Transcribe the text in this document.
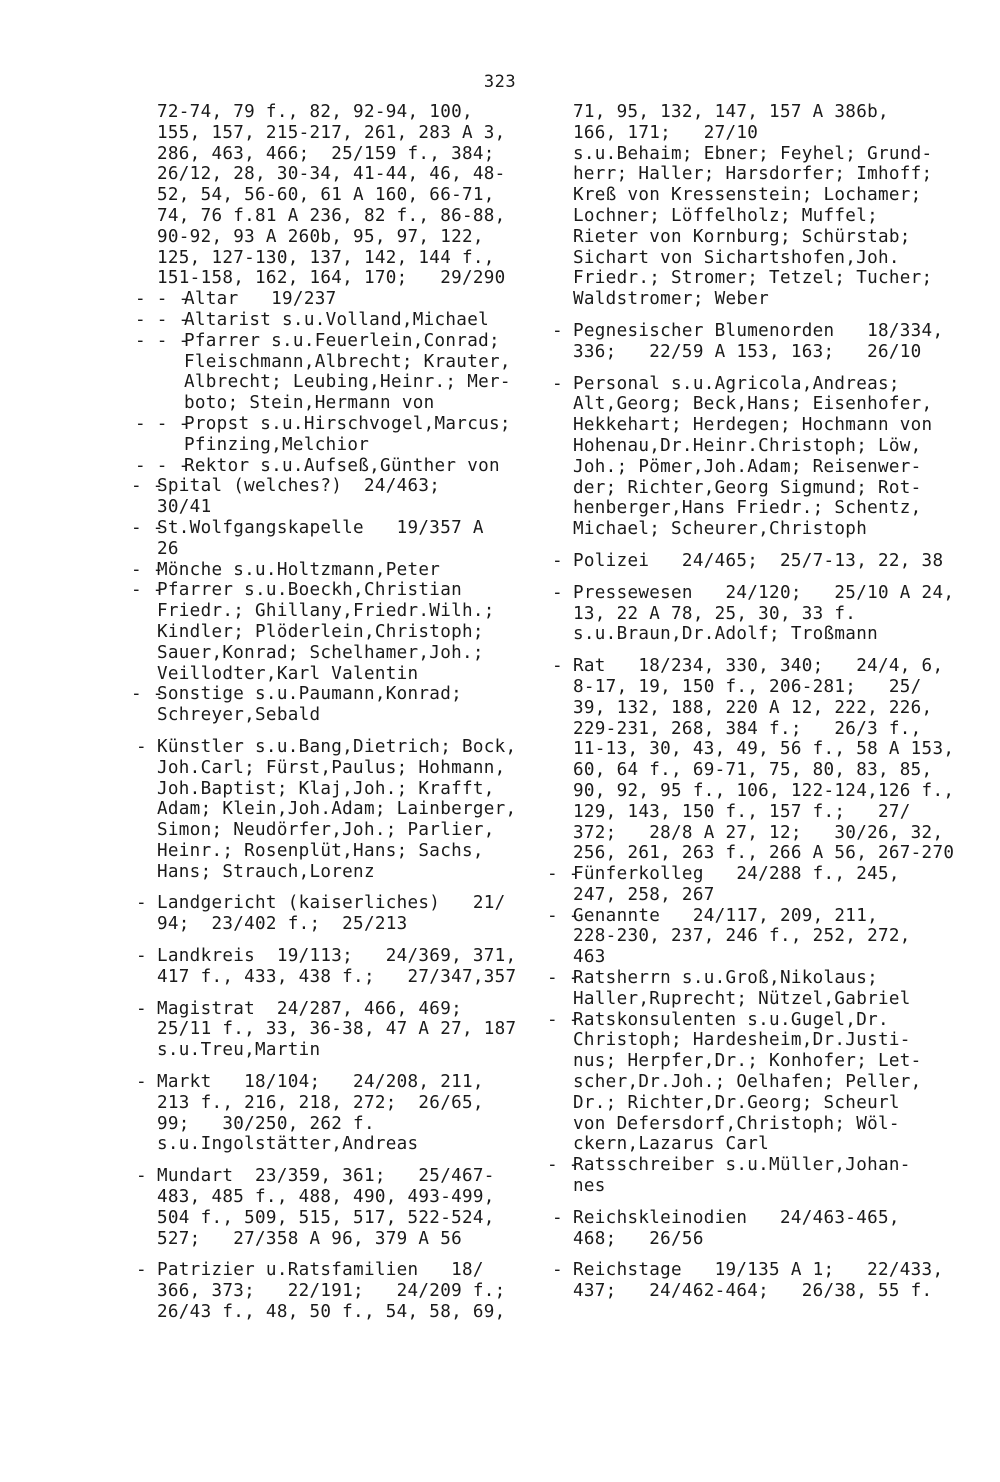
323
72-74, 79 f., 82, 92-94, 100,
155, 157, 215-217, 261, 283 A 3,
286, 463, 466;  25/159 f., 384;
26/12, 28, 30-34, 41-44, 46, 48-
52, 54, 56-60, 61 A 160, 66-71,
74, 76 f.81 A 236, 82 f., 86-88,
90-92, 93 A 260b, 95, 97, 122,
125, 127-130, 137, 142, 144 f.,
151-158, 162, 164, 170;   29/290
- - -
Altar   19/237
- - -
Altarist s.u.Volland,Michael
- - -
Pfarrer s.u.Feuerlein,Conrad;
Fleischmann,Albrecht; Krauter,
Albrecht; Leubing,Heinr.; Mer-
boto; Stein,Hermann von
- - -
Propst s.u.Hirschvogel,Marcus;
Pfinzing,Melchior
- - -
Rektor s.u.Aufseß,Günther von
- -
Spital (welches?)  24/463;
30/41
- -
St.Wolfgangskapelle   19/357 A
26
- -
Mönche s.u.Holtzmann,Peter
- -
Pfarrer s.u.Boeckh,Christian
Friedr.; Ghillany,Friedr.Wilh.;
Kindler; Plöderlein,Christoph;
Sauer,Konrad; Schelhamer,Joh.;
Veillodter,Karl Valentin
- -
Sonstige s.u.Paumann,Konrad;
Schreyer,Sebald
- Künstler s.u.Bang,Dietrich; Bock,
Joh.Carl; Fürst,Paulus; Hohmann,
Joh.Baptist; Klaj,Joh.; Krafft,
Adam; Klein,Joh.Adam; Lainberger,
Simon; Neudörfer,Joh.; Parlier,
Heinr.; Rosenplüt,Hans; Sachs,
Hans; Strauch,Lorenz
- Landgericht (kaiserliches)   21/
94;  23/402 f.;  25/213
- Landkreis  19/113;   24/369, 371,
417 f., 433, 438 f.;   27/347,357
- Magistrat  24/287, 466, 469;
25/11 f., 33, 36-38, 47 A 27, 187
s.u.Treu,Martin
- Markt   18/104;   24/208, 211,
213 f., 216, 218, 272;  26/65,
99;   30/250, 262 f.
s.u.Ingolstätter,Andreas
- Mundart  23/359, 361;   25/467-
483, 485 f., 488, 490, 493-499,
504 f., 509, 515, 517, 522-524,
527;   27/358 A 96, 379 A 56
- Patrizier u.Ratsfamilien   18/
366, 373;   22/191;   24/209 f.;
26/43 f., 48, 50 f., 54, 58, 69,
71, 95, 132, 147, 157 A 386b,
166, 171;   27/10
s.u.Behaim; Ebner; Feyhel; Grund-
herr; Haller; Harsdorfer; Imhoff;
Kreß von Kressenstein; Lochamer;
Lochner; Löffelholz; Muffel;
Rieter von Kornburg; Schürstab;
Sichart von Sichartshofen,Joh.
Friedr.; Stromer; Tetzel; Tucher;
Waldstromer; Weber
- Pegnesischer Blumenorden   18/334,
336;   22/59 A 153, 163;   26/10
- Personal s.u.Agricola,Andreas;
Alt,Georg; Beck,Hans; Eisenhofer,
Hekkehart; Herdegen; Hochmann von
Hohenau,Dr.Heinr.Christoph; Löw,
Joh.; Pömer,Joh.Adam; Reisenwer-
der; Richter,Georg Sigmund; Rot-
henberger,Hans Friedr.; Schentz,
Michael; Scheurer,Christoph
- Polizei   24/465;  25/7-13, 22, 38
- Pressewesen   24/120;   25/10 A 24,
13, 22 A 78, 25, 30, 33 f.
s.u.Braun,Dr.Adolf; Troßmann
- Rat   18/234, 330, 340;   24/4, 6,
8-17, 19, 150 f., 206-281;   25/
39, 132, 188, 220 A 12, 222, 226,
229-231, 268, 384 f.;   26/3 f.,
11-13, 30, 43, 49, 56 f., 58 A 153,
60, 64 f., 69-71, 75, 80, 83, 85,
90, 92, 95 f., 106, 122-124,126 f.,
129, 143, 150 f., 157 f.;   27/
372;   28/8 A 27, 12;   30/26, 32,
256, 261, 263 f., 266 A 56, 267-270
- -
Fünferkolleg   24/288 f., 245,
247, 258, 267
- -
Genannte   24/117, 209, 211,
228-230, 237, 246 f., 252, 272,
463
- -
Ratsherrn s.u.Groß,Nikolaus;
Haller,Ruprecht; Nützel,Gabriel
- -
Ratskonsulenten s.u.Gugel,Dr.
Christoph; Hardesheim,Dr.Justi-
nus; Herpfer,Dr.; Konhofer; Let-
scher,Dr.Joh.; Oelhafen; Peller,
Dr.; Richter,Dr.Georg; Scheurl
von Defersdorf,Christoph; Wöl-
ckern,Lazarus Carl
- -
Ratsschreiber s.u.Müller,Johan-
nes
- Reichskleinodien   24/463-465,
468;   26/56
- Reichstage   19/135 A 1;   22/433,
437;   24/462-464;   26/38, 55 f.
